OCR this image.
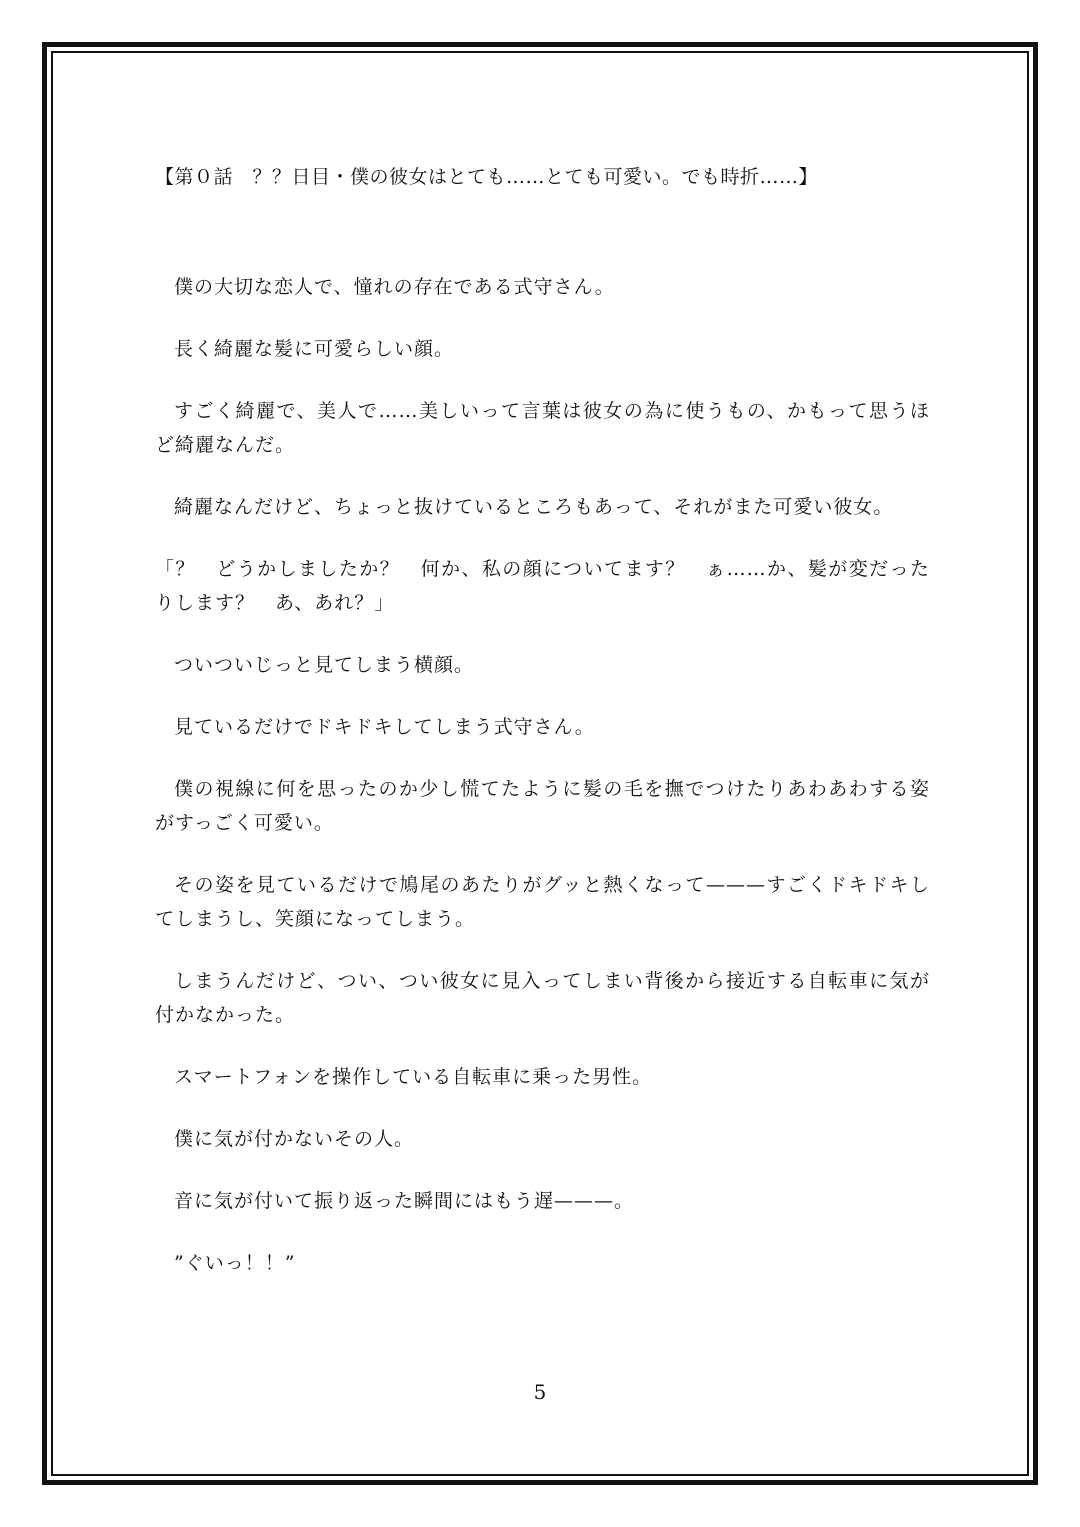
【第０話　？？日目・僕の彼女はとても……とても可愛い。でも時折……】

僕の大切な恋人で、憧れの存在である式守さん。

長く綺麗な髪に可愛らしい顔。

すごく綺麗で、美人で……美しいって言葉は彼女の為に使うもの、かもって思うほど綺麗なんだ。

綺麗なんだけど、ちょっと抜けているところもあって、それがまた可愛い彼女。

「？　どうかしましたか？　何か、私の顔についてます？　ぁ……か、髪が変だったりします？　あ、あれ？」

ついついじっと見てしまう横顔。

見ているだけでドキドキしてしまう式守さん。

僕の視線に何を思ったのか少し慌てたように髪の毛を撫でつけたりあわあわする姿がすっごく可愛い。

その姿を見ているだけで鳩尾のあたりがグッと熱くなって———すごくドキドキしてしまうし、笑顔になってしまう。

しまうんだけど、つい、つい彼女に見入ってしまい背後から接近する自転車に気が付かなかった。

スマートフォンを操作している自転車に乗った男性。

僕に気が付かないその人。

音に気が付いて振り返った瞬間にはもう遅———。

”ぐいっ！！”

5
